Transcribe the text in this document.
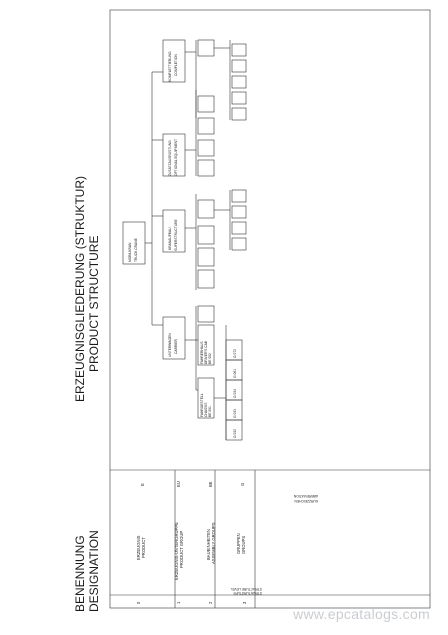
BENENNUNG DESIGNATION
ERZEUGNISGLIEDERUNG (STRUKTUR) PRODUCT STRUCTURE
0	1	2	3
STRUKTURSTUFE
STRUCTURE LEVEL
ERZEUGNIS PRODUCT	ERZEUGNIS-UNTERGRUPPE PRODUCT GROUP	BAUEINHEITEN ASSEMBLY GROUPS	GRUPPEN GROUPS
E	EU	BE	G
KURZZEICHEN
ABBREVIATION
MOBILKRAN TRUCK CRANE
UNTERWAGEN CARRIER
KRANAUFBAU SUPERSTRUCTURE
ZUSATZAUSRÜSTUNG OPTIONAL EQUIPMENT
KOMPLETTIERUNG COMPLETION
FAHRGESTELL CHASSIS BE 001
FAHRERHAUS DRIVER'S CAB BE 002
G 032
G 033
G 034
G 061
G 072
www.epcatalogs.com
